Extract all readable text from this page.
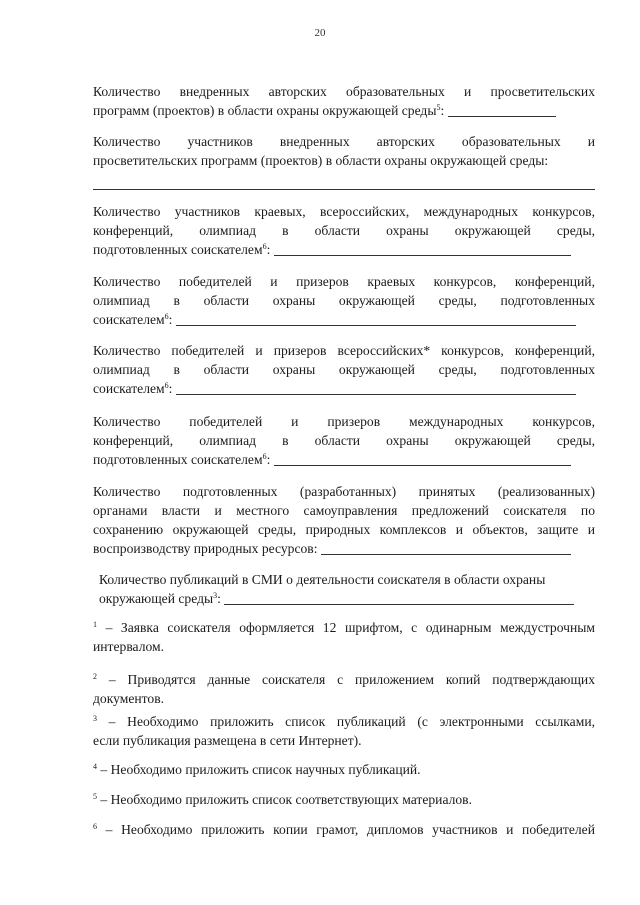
20
Количество внедренных авторских образовательных и просветительских
программ (проектов) в области охраны окружающей среды$^5$:
Количество участников внедренных авторских образовательных и
просветительских программ (проектов) в области охраны окружающей среды:
Количество участников краевых, всероссийских, международных конкурсов,
конференций, олимпиад в области охраны окружающей среды,
подготовленных соискателем$^6$:
Количество победителей и призеров краевых конкурсов, конференций,
олимпиад в области охраны окружающей среды, подготовленных
соискателем$^6$:
Количество победителей и призеров всероссийских* конкурсов, конференций,
олимпиад в области охраны окружающей среды, подготовленных
соискателем$^6$:
Количество победителей и призеров международных конкурсов,
конференций, олимпиад в области охраны окружающей среды,
подготовленных соискателем$^6$:
Количество подготовленных (разработанных) принятых (реализованных)
органами власти и местного самоуправления предложений соискателя по
сохранению окружающей среды, природных комплексов и объектов, защите и
воспроизводству природных ресурсов:
Количество публикаций в СМИ о деятельности соискателя в области охраны
окружающей среды$^3$:
$^1$ – Заявка соискателя оформляется 12 шрифтом, с одинарным междустрочным
интервалом.
$^2$ – Приводятся данные соискателя с приложением копий подтверждающих
документов.
$^3$ – Необходимо приложить список публикаций (с электронными ссылками,
если публикация размещена в сети Интернет).
$^4$ – Необходимо приложить список научных публикаций.
$^5$ – Необходимо приложить список соответствующих материалов.
$^6$ – Необходимо приложить копии грамот, дипломов участников и победителей
